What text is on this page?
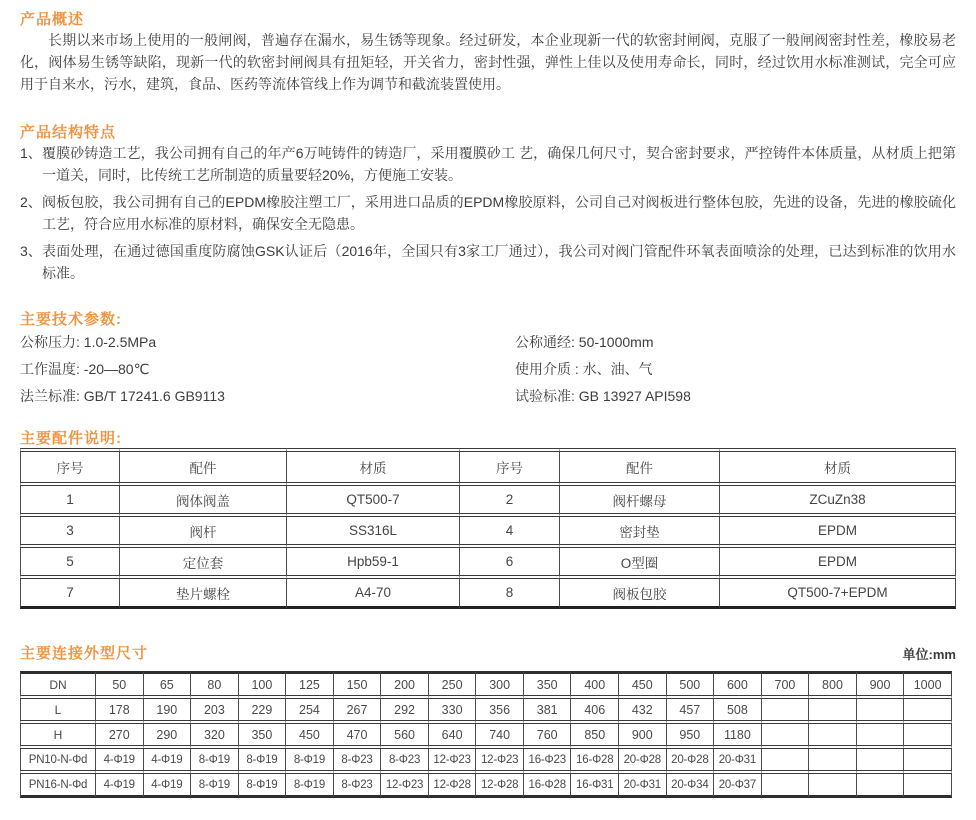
产品概述

长期以来市场上使用的一般闸阀，普遍存在漏水，易生锈等现象。经过研发，本企业现新一代的软密封闸阀，克服了一般闸阀密封性差，橡胶易老化，阀体易生锈等缺陷，现新一代的软密封闸阀具有扭矩轻，开关省力，密封性强，弹性上佳以及使用寿命长，同时，经过饮用水标准测试，完全可应用于自来水，污水，建筑，食品、医药等流体管线上作为调节和截流装置使用。

产品结构特点
1、 覆膜砂铸造工艺，我公司拥有自己的年产6万吨铸件的铸造厂，采用覆膜砂工 艺，确保几何尺寸，契合密封要求，严控铸件本体质量，从材质上把第一道关，同时，比传统工艺所制造的质量要轻20%，方便施工安装。
2、 阀板包胶，我公司拥有自己的EPDM橡胶注塑工厂，采用进口品质的EPDM橡胶原料，公司自己对阀板进行整体包胶，先进的设备，先进的橡胶硫化工艺，符合应用水标准的原材料，确保安全无隐患。
3、 表面处理，在通过德国重度防腐蚀GSK认证后（2016年，全国只有3家工厂通过），我公司对阀门管配件环氧表面喷涂的处理，已达到标准的饮用水标准。
主要技术参数:
公称压力: 1.0-2.5MPa
工作温度: -20—80℃
法兰标准: GB/T 17241.6 GB9113
公称通经: 50-1000mm
使用介质 : 水、油、气
试验标准: GB 13927 API598
主要配件说明:
序号	配件	材质	序号	配件	材质
1	阀体阀盖	QT500-7	2	阀杆螺母	ZCuZn38
3	阀杆	SS316L	4	密封垫	EPDM
5	定位套	Hpb59-1	6	O型圈	EPDM
7	垫片螺栓	A4-70	8	阀板包胶	QT500-7+EPDM
主要连接外型尺寸	单位:mm
DN	50	65	80	100	125	150	200	250	300	350	400	450	500	600	700	800	900	1000
L	178	190	203	229	254	267	292	330	356	381	406	432	457	508				
H	270	290	320	350	450	470	560	640	740	760	850	900	950	1180				
PN10-N-Φd	4-Φ19	4-Φ19	8-Φ19	8-Φ19	8-Φ19	8-Φ23	8-Φ23	12-Φ23	12-Φ23	16-Φ23	16-Φ28	20-Φ28	20-Φ28	20-Φ31				
PN16-N-Φd	4-Φ19	4-Φ19	8-Φ19	8-Φ19	8-Φ19	8-Φ23	12-Φ23	12-Φ28	12-Φ28	16-Φ28	16-Φ31	20-Φ31	20-Φ34	20-Φ37				
